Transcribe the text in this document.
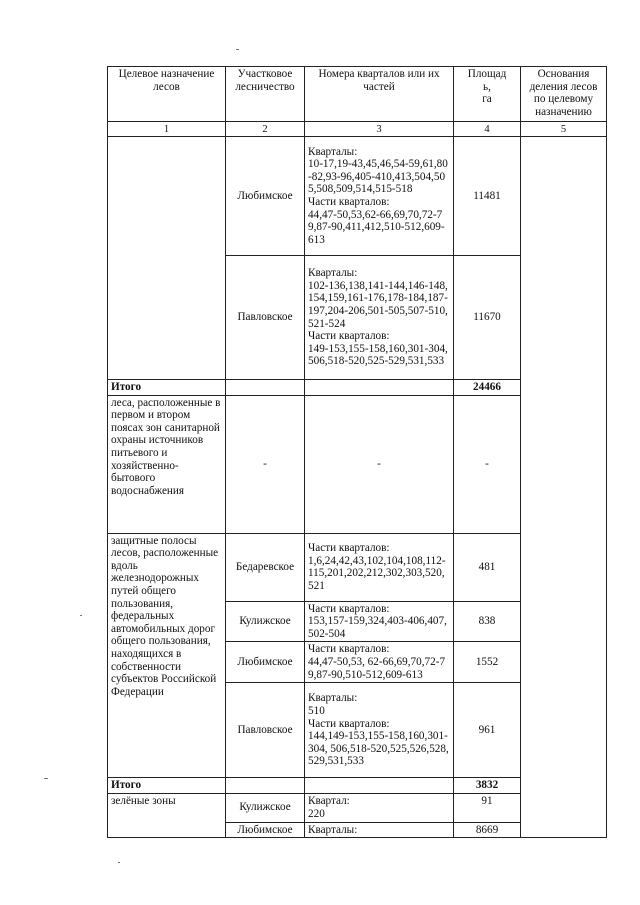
Целевое назначение лесов	Участковое лесничество	Номера кварталов или их частей	Площад
ь,
га	Основания деления лесов по целевому назначению
1	2	3	4	5
	Любимское	Кварталы:
10-17,19-43,45,46,54-59,61,80-82,93-96,405-410,413,504,505,508,509,514,515-518
Части кварталов:
44,47-50,53,62-66,69,70,72-79,87-90,411,412,510-512,609-613	11481	
	Павловское	Кварталы:
102-136,138,141-144,146-148,154,159,161-176,178-184,187-197,204-206,501-505,507-510,521-524
Части кварталов:
149-153,155-158,160,301-304,506,518-520,525-529,531,533	11670	
Итого			24466	
леса, расположенные в первом и втором поясах зон санитарной охраны источников питьевого и хозяйственно-бытового водоснабжения	-	-	-	
защитные полосы лесов, расположенные вдоль железнодорожных путей общего пользования, федеральных автомобильных дорог общего пользования, находящихся в собственности субъектов Российской Федерации	Бедаревское	Части кварталов:
1,6,24,42,43,102,104,108,112-115,201,202,212,302,303,520,521	481	
	Кулижское	Части кварталов:
153,157-159,324,403-406,407,502-504	838	
	Любимское	Части кварталов:
44,47-50,53, 62-66,69,70,72-79,87-90,510-512,609-613	1552	
	Павловское	Кварталы:
510
Части кварталов:
144,149-153,155-158,160,301-304, 506,518-520,525,526,528,529,531,533	961	
Итого			3832	
зелёные зоны	Кулижское	Квартал:
220	91	
	Любимское	Кварталы:	8669	
